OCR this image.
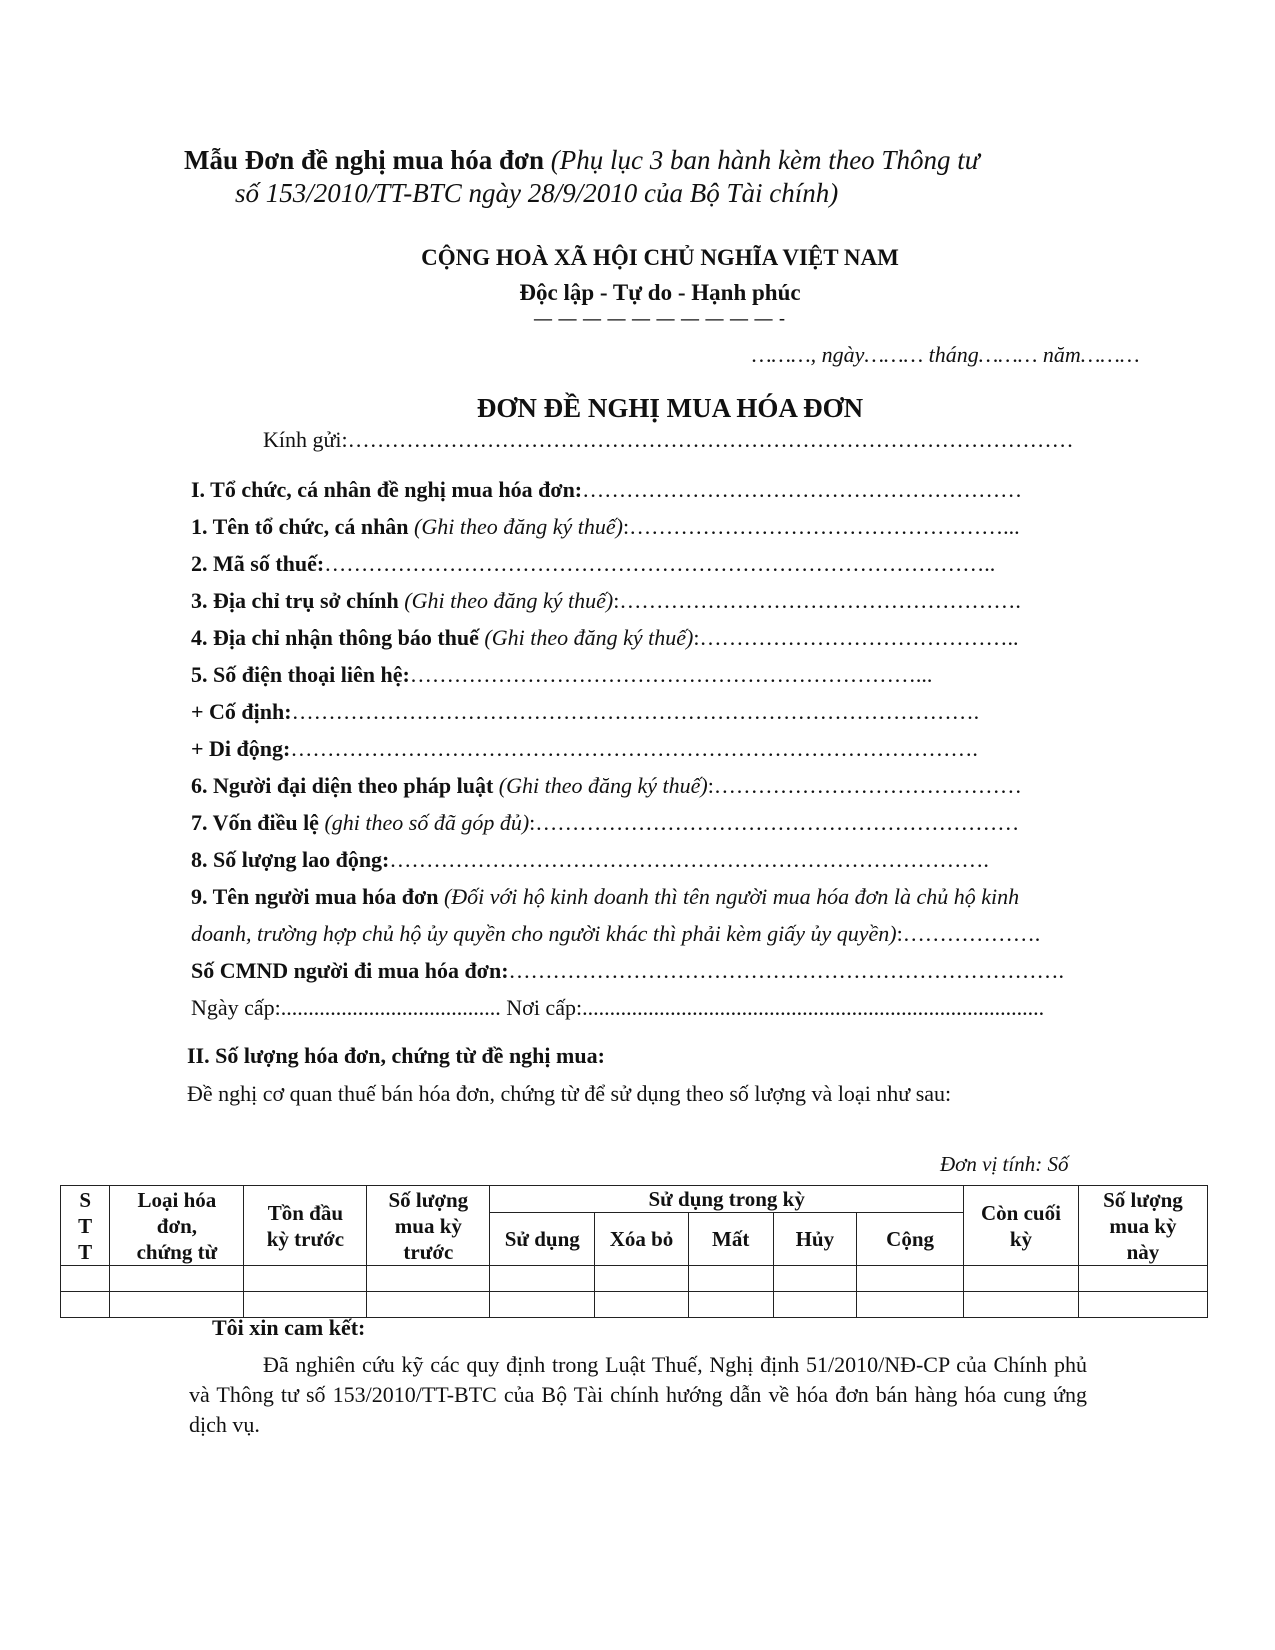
Mẫu Đơn đề nghị mua hóa đơn (Phụ lục 3 ban hành kèm theo Thông tư
số 153/2010/TT-BTC ngày 28/9/2010 của Bộ Tài chính)
CỘNG HOÀ XÃ HỘI CHỦ NGHĨA VIỆT NAM
Độc lập - Tự do - Hạnh phúc
— — — — — — — — — — -
………, ngày……… tháng……… năm………
ĐƠN ĐỀ NGHỊ MUA HÓA ĐƠN
Kính gửi:………………………………………………………………………………………
I. Tổ chức, cá nhân đề nghị mua hóa đơn:……………………………………………………
1. Tên tổ chức, cá nhân (Ghi theo đăng ký thuế):……………………………………………...
2. Mã số thuế:………………………………………………………………………………..
3. Địa chỉ trụ sở chính (Ghi theo đăng ký thuế):……………………………………………….
4. Địa chỉ nhận thông báo thuế (Ghi theo đăng ký thuế):……………………………………..
5. Số điện thoại liên hệ:……………………………………………………………...
+ Cố định:………………………………………………………………………………….
+ Di động:………………………………………………………………………………….
6. Người đại diện theo pháp luật (Ghi theo đăng ký thuế):……………………………………
7. Vốn điều lệ (ghi theo số đã góp đủ):…………………………………………………………
8. Số lượng lao động:……………………………………………………………………….
9. Tên người mua hóa đơn (Đối với hộ kinh doanh thì tên người mua hóa đơn là chủ hộ kinh
doanh, trường hợp chủ hộ ủy quyền cho người khác thì phải kèm giấy ủy quyền):……………….
Số CMND người đi mua hóa đơn:………………………………………………………………….
Ngày cấp:........................................ Nơi cấp:....................................................................................
II. Số lượng hóa đơn, chứng từ đề nghị mua:
Đề nghị cơ quan thuế bán hóa đơn, chứng từ để sử dụng theo số lượng và loại như sau:
Đơn vị tính: Số
S T T	Loại hóa đơn, chứng từ	Tồn đầu kỳ trước	Số lượng mua kỳ trước	Sử dụng trong kỳ					Còn cuối kỳ	Số lượng mua kỳ này
				Sử dụng	Xóa bỏ	Mất	Hủy	Cộng		

Tôi xin cam kết:
Đã nghiên cứu kỹ các quy định trong Luật Thuế, Nghị định 51/2010/NĐ-CP của Chính phủ và Thông tư số 153/2010/TT-BTC của Bộ Tài chính hướng dẫn về hóa đơn bán hàng hóa cung ứng dịch vụ.
